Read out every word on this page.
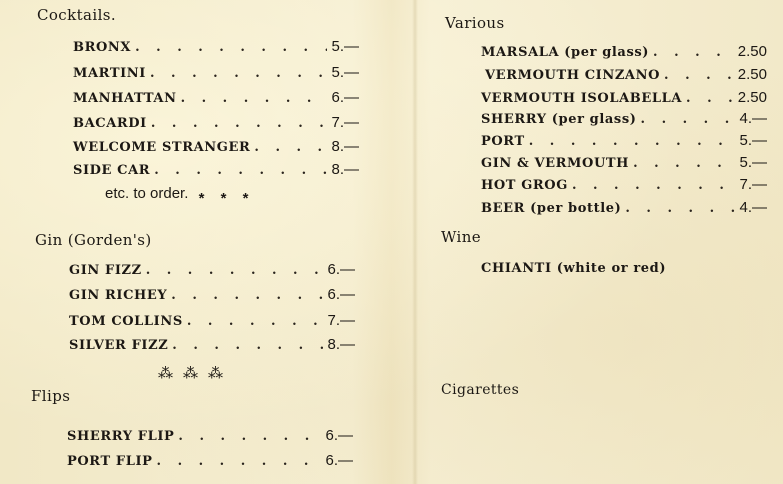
Cocktails.
BRONX . . .	5.—
MARTINI . . .	5.—
MANHATTAN . . .	6.—
BACARDI . . .	7.—
WELCOME STRANGER . . .	8.—
SIDE CAR . . .	8.—
etc. to order. * * *
Gin (Gorden's)
GIN FIZZ . . .	6.—
GIN RICHEY . . .	6.—
TOM COLLINS . . .	7.—
SILVER FIZZ . . .	8.—
⁂⁂⁂
Flips
SHERRY FLIP . . .	6.—
PORT FLIP . . .	6.—
Various
MARSALA (per glass) . . .	2.50
VERMOUTH CINZANO . . .	2.50
VERMOUTH ISOLABELLA . . .	2.50
SHERRY (per glass) . . .	4.—
PORT . . .	5.—
GIN & VERMOUTH . . .	5.—
HOT GROG . . .	7.—
BEER (per bottle) . . .	4.—
Wine
CHIANTI (white or red)
Cigarettes
